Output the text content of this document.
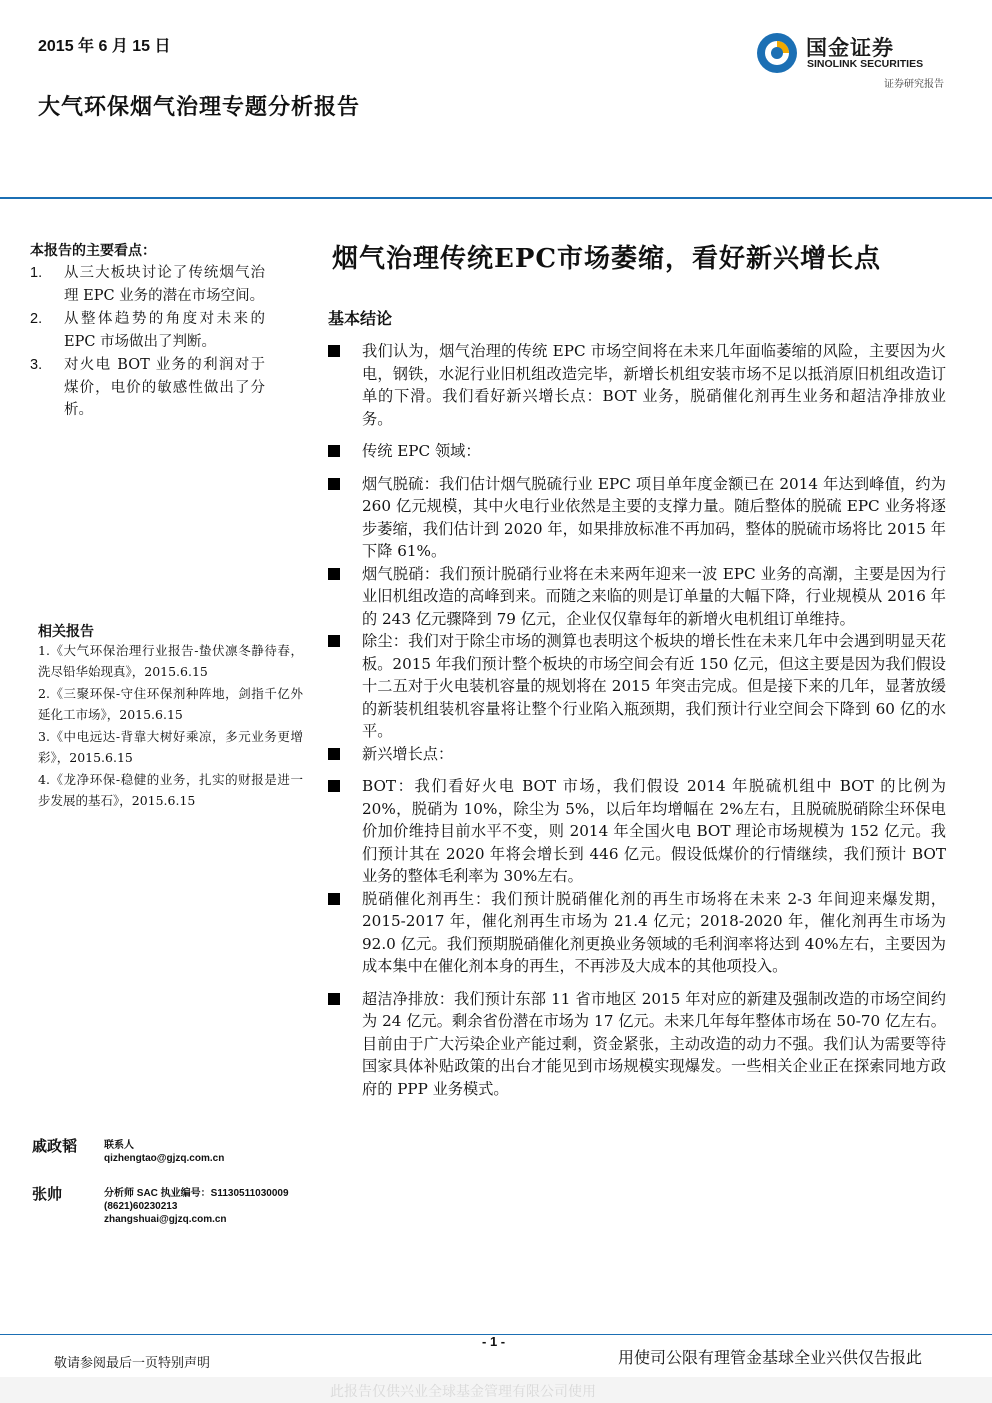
2015 年 6 月 15 日
大气环保烟气治理专题分析报告
国金证券
SINOLINK SECURITIES
证券研究报告
本报告的主要看点：
1.	从三大板块讨论了传统烟气治理 EPC 业务的潜在市场空间。
2.	从整体趋势的角度对未来的 EPC 市场做出了判断。
3.	对火电 BOT 业务的利润对于煤价，电价的敏感性做出了分析。
相关报告
1.《大气环保治理行业报告-蛰伏凛冬静待春，洗尽铅华始现真》，2015.6.15
2.《三聚环保-守住环保剂种阵地，剑指千亿外延化工市场》，2015.6.15
3.《中电远达-背靠大树好乘凉，多元业务更增彩》，2015.6.15
4.《龙净环保-稳健的业务，扎实的财报是进一步发展的基石》，2015.6.15
戚政韬	联系人
qizhengtao@gjzq.com.cn
张帅	分析师 SAC 执业编号：S1130511030009
(8621)60230213
zhangshuai@gjzq.com.cn
烟气治理传统EPC市场萎缩，看好新兴增长点
基本结论
我们认为，烟气治理的传统 EPC 市场空间将在未来几年面临萎缩的风险，主要因为火电，钢铁，水泥行业旧机组改造完毕，新增长机组安装市场不足以抵消原旧机组改造订单的下滑。我们看好新兴增长点：BOT 业务，脱硝催化剂再生业务和超洁净排放业务。
传统 EPC 领域：
烟气脱硫：我们估计烟气脱硫行业 EPC 项目单年度金额已在 2014 年达到峰值，约为 260 亿元规模，其中火电行业依然是主要的支撑力量。随后整体的脱硫 EPC 业务将逐步萎缩，我们估计到 2020 年，如果排放标准不再加码，整体的脱硫市场将比 2015 年下降 61%。
烟气脱硝：我们预计脱硝行业将在未来两年迎来一波 EPC 业务的高潮，主要是因为行业旧机组改造的高峰到来。而随之来临的则是订单量的大幅下降，行业规模从 2016 年的 243 亿元骤降到 79 亿元，企业仅仅靠每年的新增火电机组订单维持。
除尘：我们对于除尘市场的测算也表明这个板块的增长性在未来几年中会遇到明显天花板。2015 年我们预计整个板块的市场空间会有近 150 亿元，但这主要是因为我们假设十二五对于火电装机容量的规划将在 2015 年突击完成。但是接下来的几年，显著放缓的新装机组装机容量将让整个行业陷入瓶颈期，我们预计行业空间会下降到 60 亿的水平。
新兴增长点：
BOT：我们看好火电 BOT 市场，我们假设 2014 年脱硫机组中 BOT 的比例为 20%，脱硝为 10%，除尘为 5%，以后年均增幅在 2%左右，且脱硫脱硝除尘环保电价加价维持目前水平不变，则 2014 年全国火电 BOT 理论市场规模为 152 亿元。我们预计其在 2020 年将会增长到 446 亿元。假设低煤价的行情继续，我们预计 BOT 业务的整体毛利率为 30%左右。
脱硝催化剂再生：我们预计脱硝催化剂的再生市场将在未来 2-3 年间迎来爆发期，2015-2017 年，催化剂再生市场为 21.4 亿元；2018-2020 年，催化剂再生市场为 92.0 亿元。我们预期脱硝催化剂更换业务领域的毛利润率将达到 40%左右，主要因为成本集中在催化剂本身的再生，不再涉及大成本的其他项投入。
超洁净排放：我们预计东部 11 省市地区 2015 年对应的新建及强制改造的市场空间约为 24 亿元。剩余省份潜在市场为 17 亿元。未来几年每年整体市场在 50-70 亿左右。目前由于广大污染企业产能过剩，资金紧张，主动改造的动力不强。我们认为需要等待国家具体补贴政策的出台才能见到市场规模实现爆发。一些相关企业正在探索同地方政府的 PPP 业务模式。
- 1 -
敬请参阅最后一页特别声明	用使司公限有理管金基球全业兴供仅告报此
此报告仅供兴业全球基金管理有限公司使用
